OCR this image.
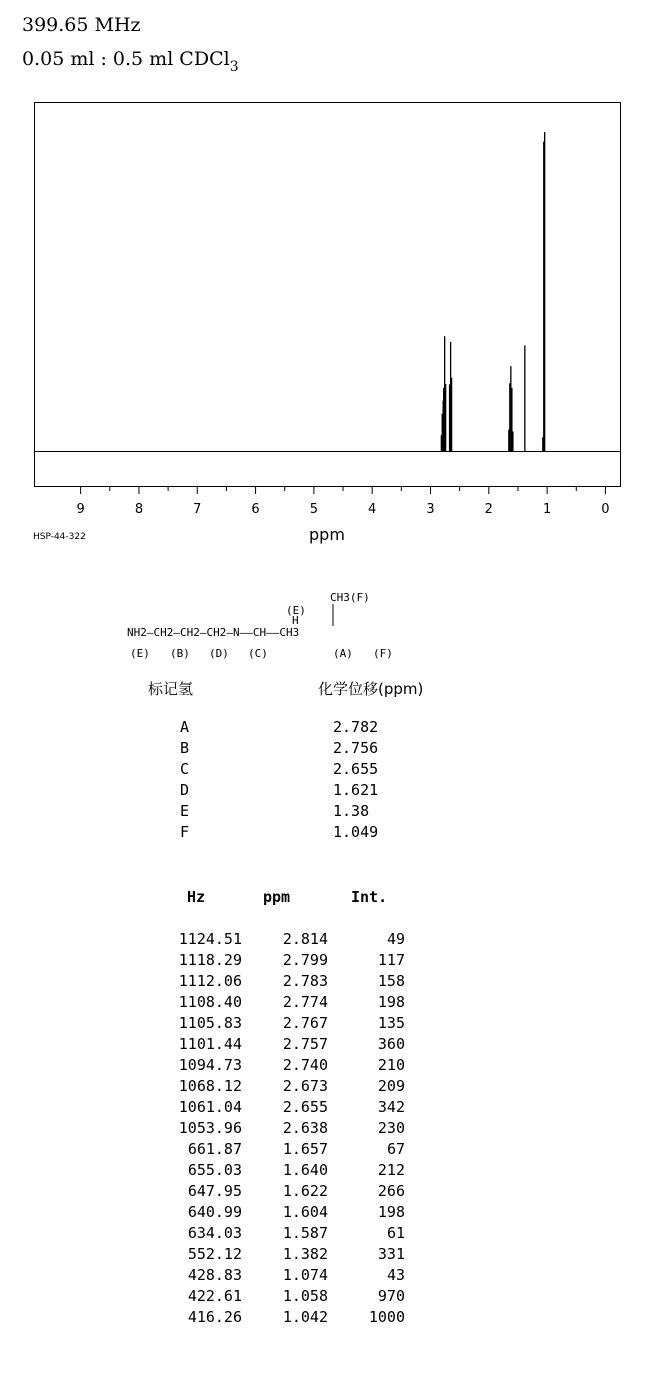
399.65 MHz
0.05 ml : 0.5 ml CDCl$_3$
9	8	7	6	5	4	3	2	1	0
HSP-44-322	ppm
NH2—CH2—CH2—CH2—N——CH——CH3
(E)
H
CH3(F)
(E) (B) (D) (C)	(A) (F)
标记氢	化学位移(ppm)
A	2.782
B	2.756
C	2.655
D	1.621
E	1.38
F	1.049
Hz	ppm	Int.
1124.51	2.814	49
1118.29	2.799	117
1112.06	2.783	158
1108.40	2.774	198
1105.83	2.767	135
1101.44	2.757	360
1094.73	2.740	210
1068.12	2.673	209
1061.04	2.655	342
1053.96	2.638	230
661.87	1.657	67
655.03	1.640	212
647.95	1.622	266
640.99	1.604	198
634.03	1.587	61
552.12	1.382	331
428.83	1.074	43
422.61	1.058	970
416.26	1.042	1000
